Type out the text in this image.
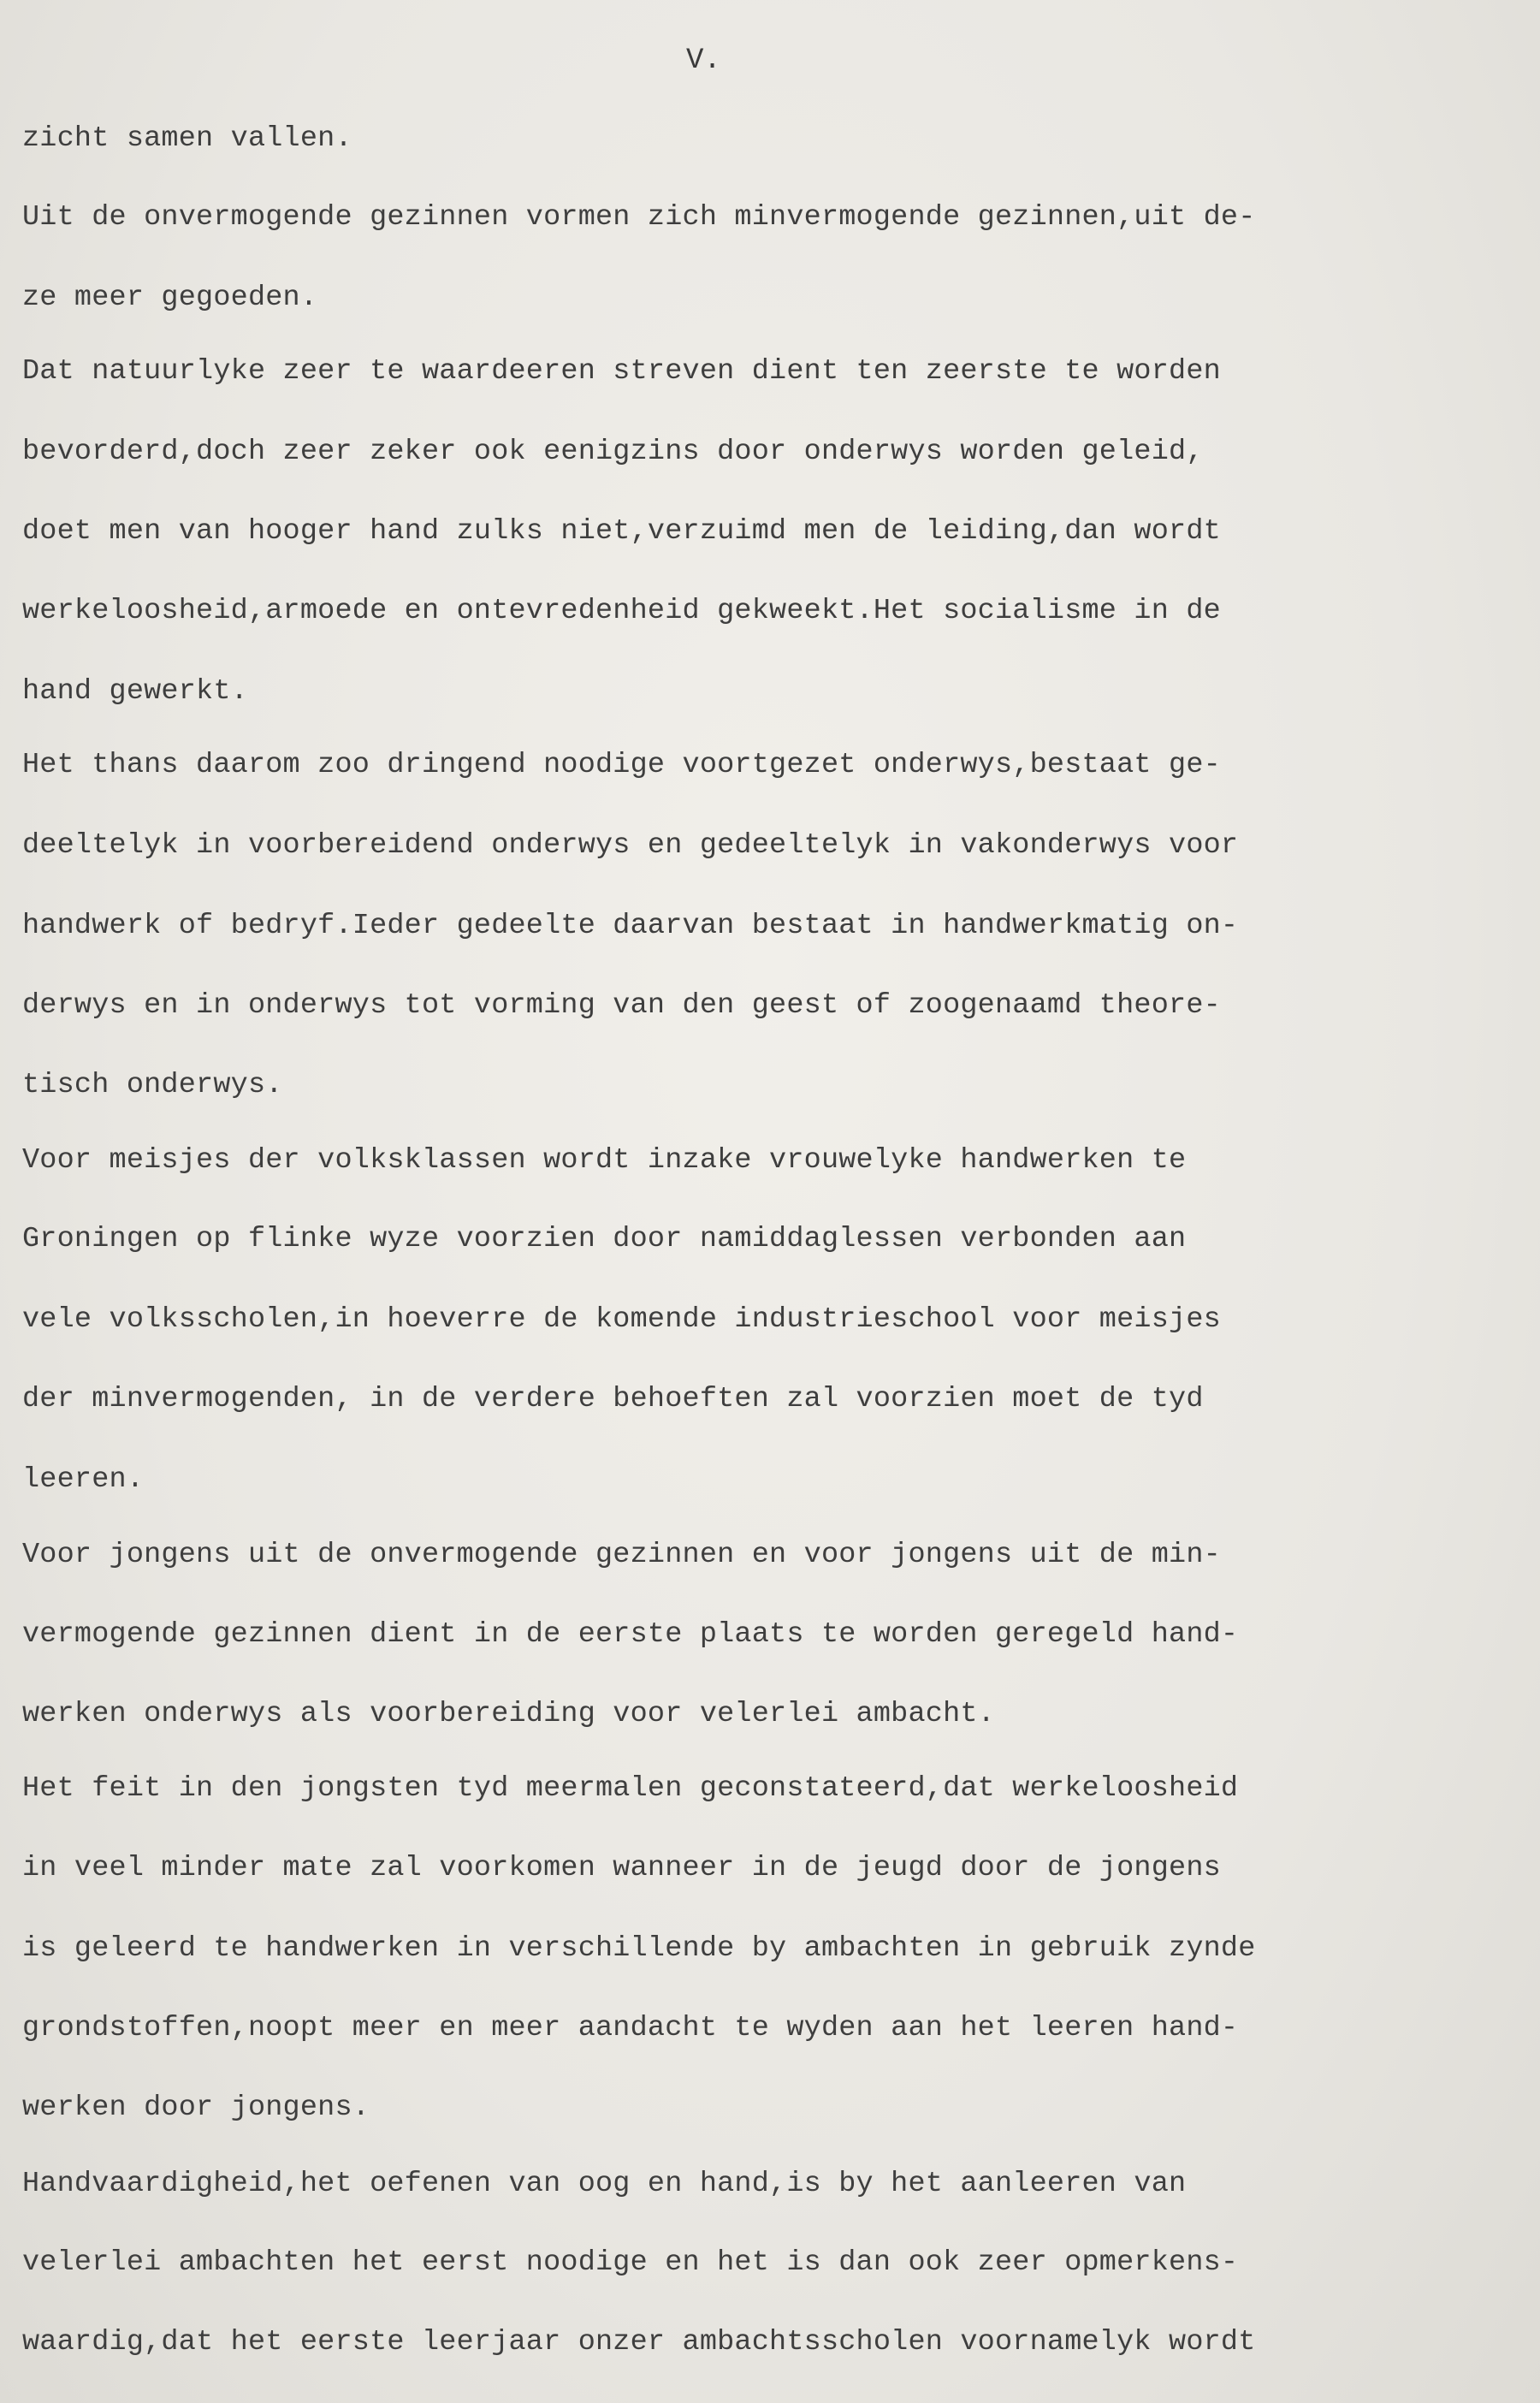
V.

zicht samen vallen.

Uit de onvermogende gezinnen vormen zich minvermogende gezinnen,uit de-

ze meer gegoeden.

Dat natuurlyke zeer te waardeeren streven dient ten zeerste te worden

bevorderd,doch zeer zeker ook eenigzins door onderwys worden geleid,

doet men van hooger hand zulks niet,verzuimd men de leiding,dan wordt

werkeloosheid,armoede en ontevredenheid gekweekt.Het socialisme in de

hand gewerkt.

Het thans daarom zoo dringend noodige voortgezet onderwys,bestaat ge-

deeltelyk in voorbereidend onderwys en gedeeltelyk in vakonderwys voor

handwerk of bedryf.Ieder gedeelte daarvan bestaat in handwerkmatig on-

derwys en in onderwys tot vorming van den geest of zoogenaamd theore-

tisch onderwys.

Voor meisjes der volksklassen wordt inzake vrouwelyke handwerken te

Groningen op flinke wyze voorzien door namiddaglessen verbonden aan

vele volksscholen,in hoeverre de komende industrieschool voor meisjes

der minvermogenden, in de verdere behoeften zal voorzien moet de tyd

leeren.

Voor jongens uit de onvermogende gezinnen en voor jongens uit de min-

vermogende gezinnen dient in de eerste plaats te worden geregeld hand-

werken onderwys als voorbereiding voor velerlei ambacht.

Het feit in den jongsten tyd meermalen geconstateerd,dat werkeloosheid

in veel minder mate zal voorkomen wanneer in de jeugd door de jongens

is geleerd te handwerken in verschillende by ambachten in gebruik zynde

grondstoffen,noopt meer en meer aandacht te wyden aan het leeren hand-

werken door jongens.

Handvaardigheid,het oefenen van oog en hand,is by het aanleeren van

velerlei ambachten het eerst noodige en het is dan ook zeer opmerkens-

waardig,dat het eerste leerjaar onzer ambachtsscholen voornamelyk wordt
